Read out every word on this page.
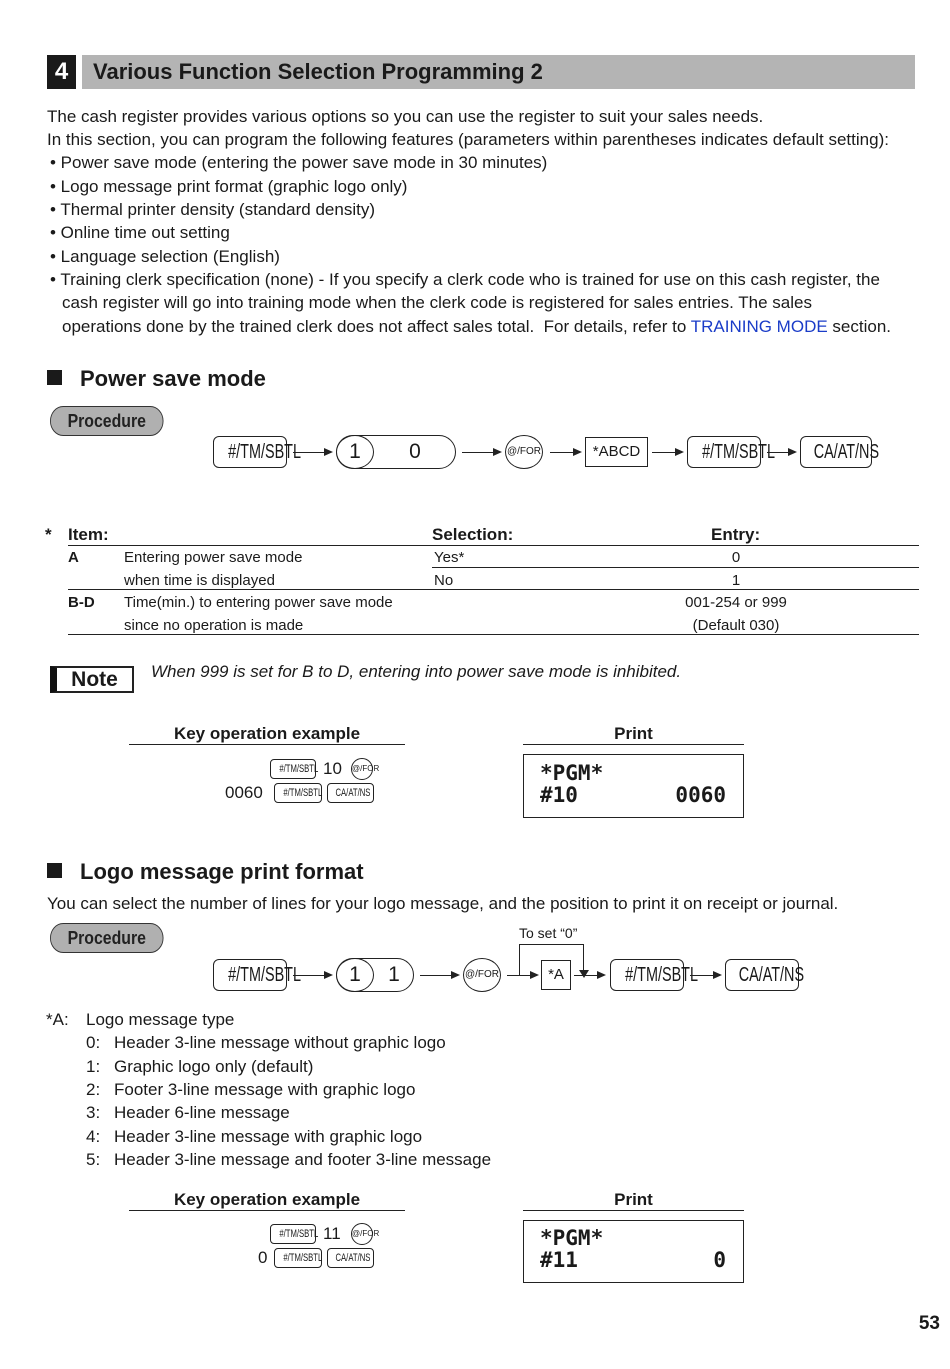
4	Various Function Selection Programming 2
The cash register provides various options so you can use the register to suit your sales needs.
In this section, you can program the following features (parameters within parentheses indicates default setting):
• Power save mode (entering the power save mode in 30 minutes)
• Logo message print format (graphic logo only)
• Thermal printer density (standard density)
• Online time out setting
• Language selection (English)
• Training clerk specification (none) - If you specify a clerk code who is trained for use on this cash register, the
cash register will go into training mode when the clerk code is registered for sales entries. The sales
operations done by the trained clerk does not affect sales total.  For details, refer to TRAINING MODE section.
Power save mode
Procedure
#/TM/SBTL	1	0	@/FOR	*ABCD	#/TM/SBTL	CA/AT/NS
* Item:	Selection:	Entry:
A	Entering power save mode	Yes*	0
when time is displayed	No	1
B-D Time(min.) to entering power save mode	001-254 or 999
since no operation is made	(Default 030)
Note	When 999 is set for B to D, entering into power save mode is inhibited.
Key operation example	Print
#/TM/SBTL 10 @/FOR
0060	#/TM/SBTL	CA/AT/NS
*PGM*
#10	0060
Logo message print format
You can select the number of lines for your logo message, and the position to print it on receipt or journal.
Procedure	To set “0”
#/TM/SBTL	1	1	@/FOR	*A	#/TM/SBTL	CA/AT/NS
*A: Logo message type
0: Header 3-line message without graphic logo
1: Graphic logo only (default)
2: Footer 3-line message with graphic logo
3: Header 6-line message
4: Header 3-line message with graphic logo
5: Header 3-line message and footer 3-line message
Key operation example	Print
#/TM/SBTL 11 @/FOR
0	#/TM/SBTL	CA/AT/NS
*PGM*
#11	0
53
